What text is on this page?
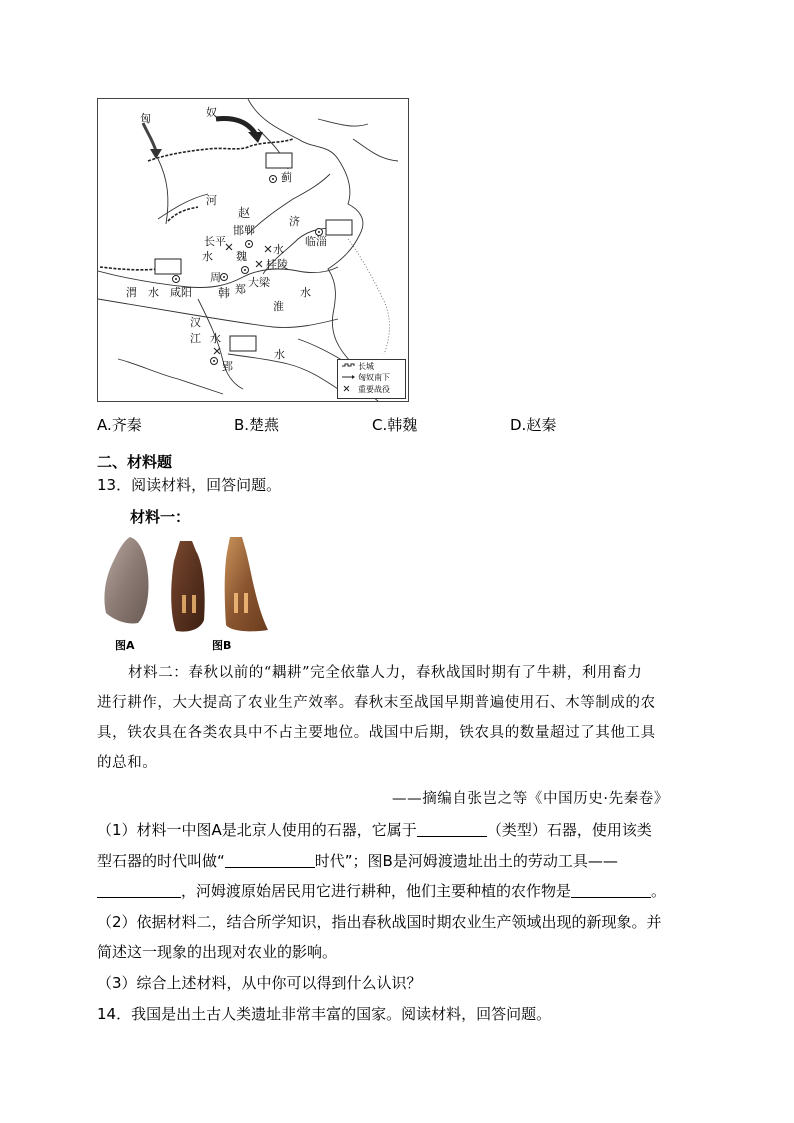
匈	奴
河
赵
邯郸
济
临淄
蓟
长平
魏
水
水
桂陵
周
郑
大梁
韩
渭 水 咸阳	水
淮
汉
江 水
郢
水
长城
匈奴南下
重要战役
A.齐秦	B.楚燕	C.韩魏	D.赵秦
二、材料题
13．阅读材料，回答问题。
材料一：
图A	图B
材料二：春秋以前的“耦耕”完全依靠人力，春秋战国时期有了牛耕，利用畜力
进行耕作，大大提高了农业生产效率。春秋末至战国早期普遍使用石、木等制成的农
具，铁农具在各类农具中不占主要地位。战国中后期，铁农具的数量超过了其他工具
的总和。
——摘编自张岂之等《中国历史·先秦卷》
（1）材料一中图A是北京人使用的石器，它属于	（类型）石器，使用该类
型石器的时代叫做“	时代”；图B是河姆渡遗址出土的劳动工具——
，河姆渡原始居民用它进行耕种，他们主要种植的农作物是	。
（2）依据材料二，结合所学知识，指出春秋战国时期农业生产领域出现的新现象。并
简述这一现象的出现对农业的影响。
（3）综合上述材料，从中你可以得到什么认识？
14．我国是出土古人类遗址非常丰富的国家。阅读材料，回答问题。
